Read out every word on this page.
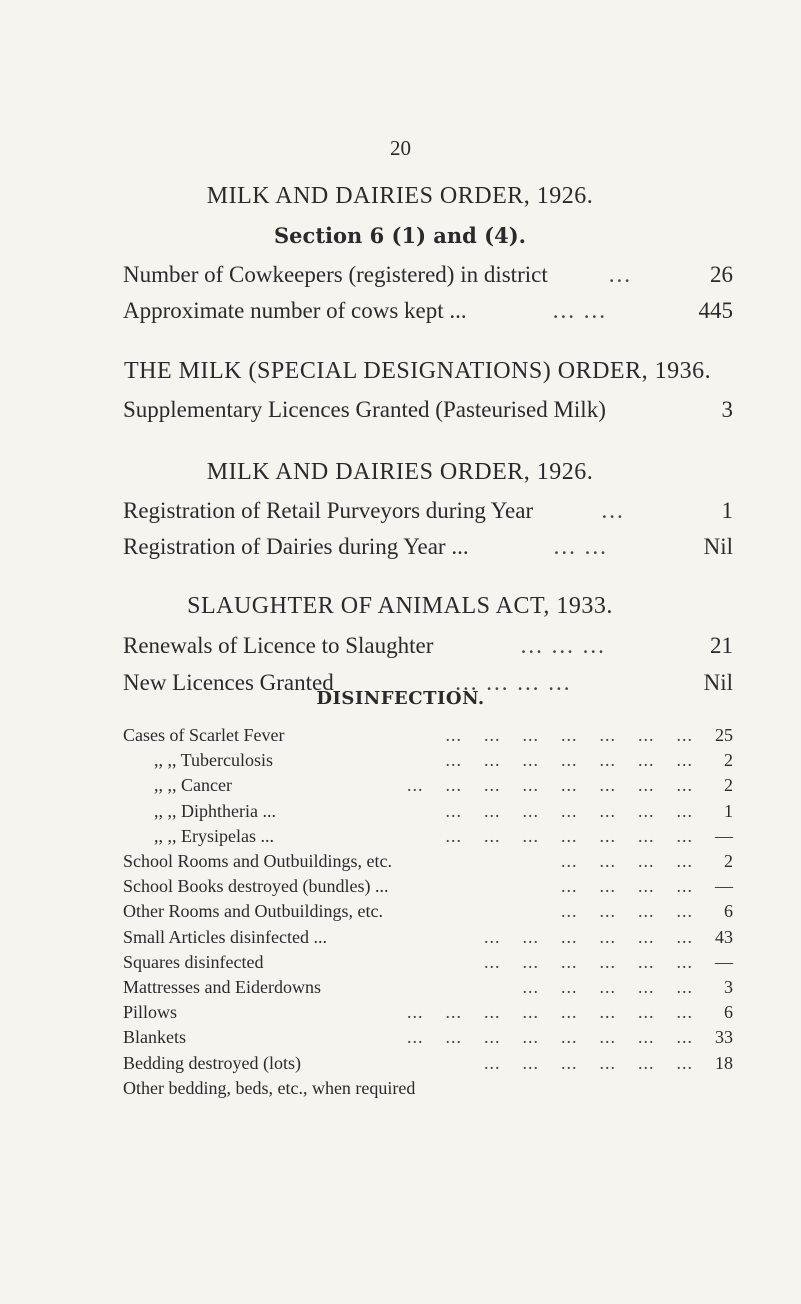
20
MILK AND DAIRIES ORDER, 1926.
Section 6 (1) and (4).
Number of Cowkeepers (registered) in district	...	26
Approximate number of cows kept ...	... ...	445
THE MILK (SPECIAL DESIGNATIONS) ORDER, 1936.
Supplementary Licences Granted (Pasteurised Milk)	3
MILK AND DAIRIES ORDER, 1926.
Registration of Retail Purveyors during Year	...	1
Registration of Dairies during Year ...	... ...	Nil
SLAUGHTER OF ANIMALS ACT, 1933.
Renewals of Licence to Slaughter	... ... ...	21
New Licences Granted	... ... ... ...	Nil
DISINFECTION.
Cases of Scarlet Fever	... ... ... ... ... ... ... 25
,, ,, Tuberculosis	... ... ... ... ... ... ...	2
,, ,, Cancer	... ... ... ... ... ... ... ...	2
,, ,, Diphtheria ...	... ... ... ... ... ... ...	1
,, ,, Erysipelas ...	... ... ... ... ... ... ... —
School Rooms and Outbuildings, etc.	... ... ... ...	2
School Books destroyed (bundles) ...	... ... ... ... —
Other Rooms and Outbuildings, etc.	... ... ... ...	6
Small Articles disinfected ...	... ... ... ... ... ... 43
Squares disinfected	... ... ... ... ... ... —
Mattresses and Eiderdowns	... ... ... ... ...	3
Pillows	... ... ... ... ... ... ... ...	6
Blankets	... ... ... ... ... ... ... ... 33
Bedding destroyed (lots)	... ... ... ... ... ... 18
Other bedding, beds, etc., when required
